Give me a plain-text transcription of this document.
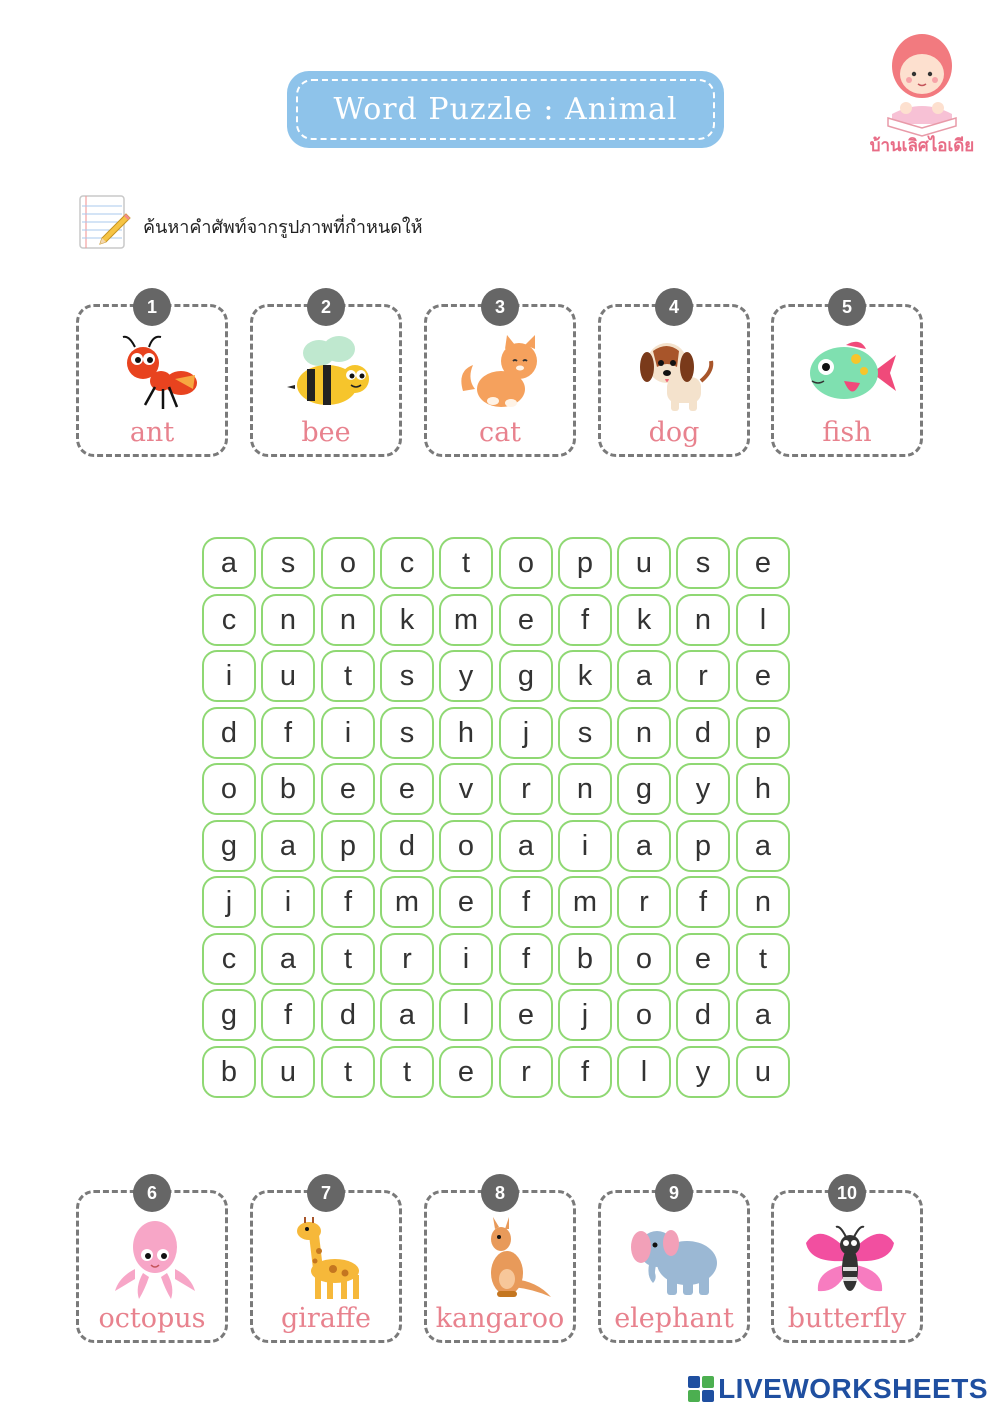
Word Puzzle : Animal
บ้านเลิศไอเดีย
ค้นหาคำศัพท์จากรูปภาพที่กำหนดให้
1
ant
2
bee
3
cat
4
dog
5
fish
a	s	o	c	t	o	p	u	s	e
c	n	n	k	m	e	f	k	n	l
i	u	t	s	y	g	k	a	r	e
d	f	i	s	h	j	s	n	d	p
o	b	e	e	v	r	n	g	y	h
g	a	p	d	o	a	i	a	p	a
j	i	f	m	e	f	m	r	f	n
c	a	t	r	i	f	b	o	e	t
g	f	d	a	l	e	j	o	d	a
b	u	t	t	e	r	f	l	y	u
6
octopus
7
giraffe
8
kangaroo
9
elephant
10
butterfly
LIVEWORKSHEETS
